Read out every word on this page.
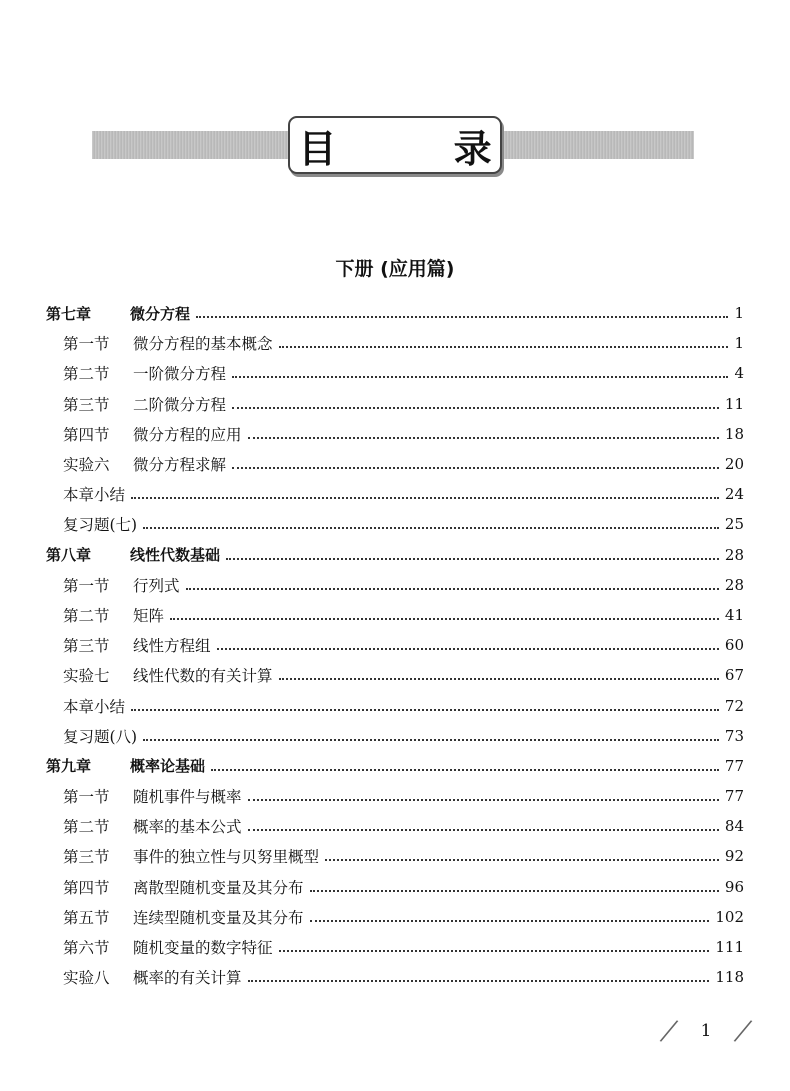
目 录
下册 (应用篇)
第七章	微分方程	1
第一节	微分方程的基本概念	1
第二节	一阶微分方程	4
第三节	二阶微分方程	11
第四节	微分方程的应用	18
实验六	微分方程求解	20
本章小结	24
复习题(七)	25
第八章	线性代数基础	28
第一节	行列式	28
第二节	矩阵	41
第三节	线性方程组	60
实验七	线性代数的有关计算	67
本章小结	72
复习题(八)	73
第九章	概率论基础	77
第一节	随机事件与概率	77
第二节	概率的基本公式	84
第三节	事件的独立性与贝努里概型	92
第四节	离散型随机变量及其分布	96
第五节	连续型随机变量及其分布	102
第六节	随机变量的数字特征	111
实验八	概率的有关计算	118
1
